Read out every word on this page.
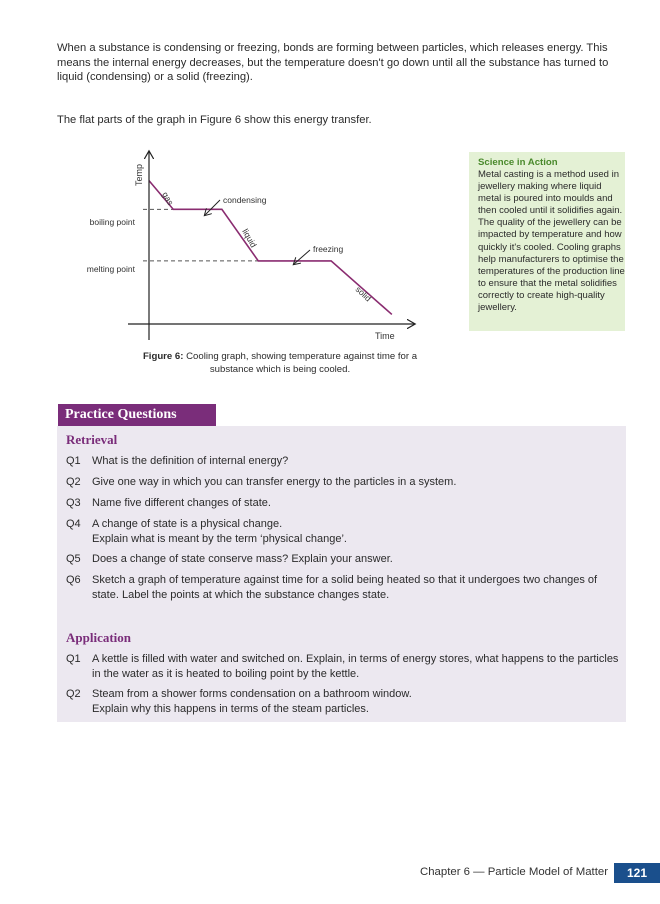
When a substance is condensing or freezing, bonds are forming between particles, which releases energy. This means the internal energy decreases, but the temperature doesn't go down until all the substance has turned to liquid (condensing) or a solid (freezing).

The flat parts of the graph in Figure 6 show this energy transfer.

Temp
Time
boiling point
melting point
gas	condensing
liquid	freezing
solid

Figure 6: Cooling graph, showing temperature against time for a substance which is being cooled.

Science in Action

Metal casting is a method used in jewellery making where liquid metal is poured into moulds and then cooled until it solidifies again. The quality of the jewellery can be impacted by temperature and how quickly it's cooled. Cooling graphs help manufacturers to optimise the temperatures of the production line to ensure that the metal solidifies correctly to create high-quality jewellery.

Practice Questions
Retrieval
Q1	What is the definition of internal energy?
Q2	Give one way in which you can transfer energy to the particles in a system.
Q3	Name five different changes of state.
Q4	A change of state is a physical change.
Explain what is meant by the term ‘physical change’.
Q5	Does a change of state conserve mass? Explain your answer.
Q6	Sketch a graph of temperature against time for a solid being heated so that it undergoes two changes of state. Label the points at which the substance changes state.
Application
Q1	A kettle is filled with water and switched on. Explain, in terms of energy stores, what happens to the particles in the water as it is heated to boiling point by the kettle.
Q2	Steam from a shower forms condensation on a bathroom window.
Explain why this happens in terms of the steam particles.
Chapter 6 — Particle Model of Matter	121
